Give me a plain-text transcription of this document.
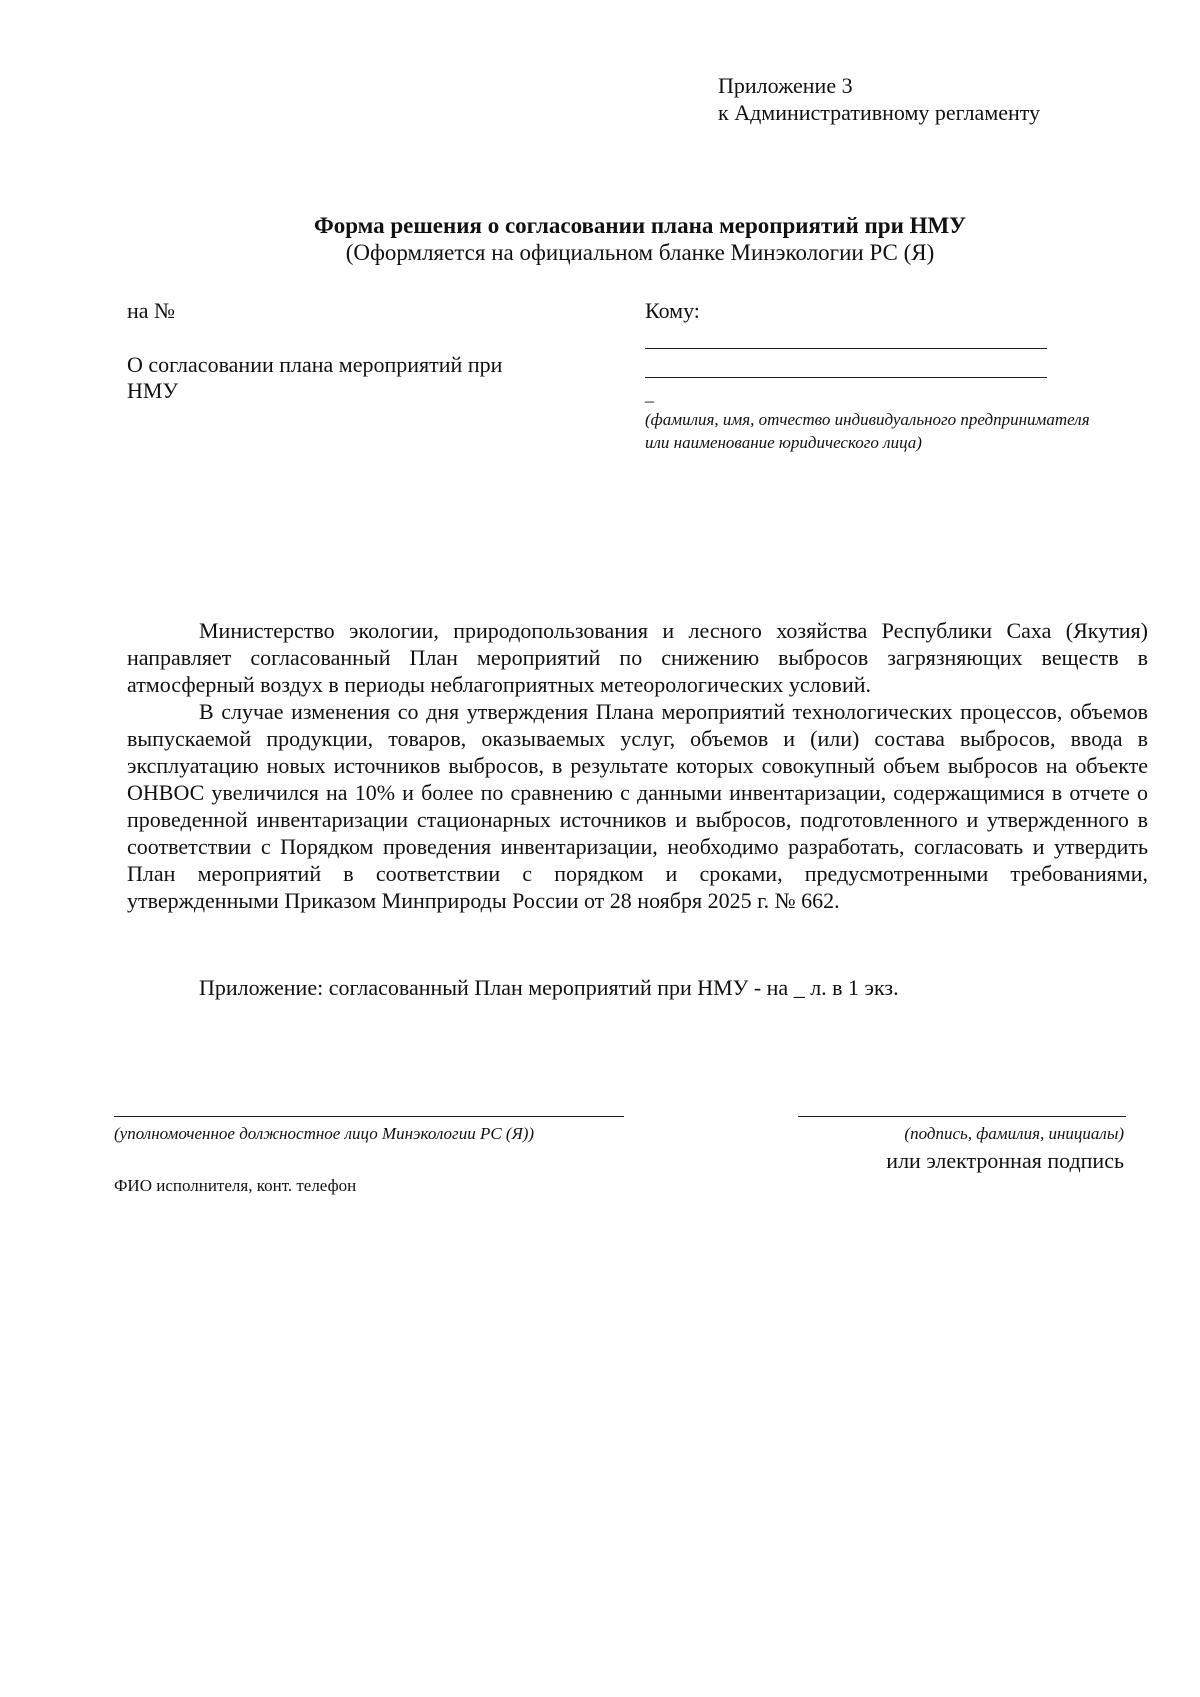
Приложение 3
к Административному регламенту
Форма решения о согласовании плана мероприятий при НМУ
(Оформляется на официальном бланке Минэкологии РС (Я)
на №
О согласовании плана мероприятий при
НМУ
Кому:
_
(фамилия, имя, отчество индивидуального предпринимателя или наименование юридического лица)

Министерство экологии, природопользования и лесного хозяйства Республики Саха (Якутия) направляет согласованный План мероприятий по снижению выбросов загрязняющих веществ в атмосферный воздух в периоды неблагоприятных метеорологических условий.

В случае изменения со дня утверждения Плана мероприятий технологических процессов, объемов выпускаемой продукции, товаров, оказываемых услуг, объемов и (или) состава выбросов, ввода в эксплуатацию новых источников выбросов, в результате которых совокупный объем выбросов на объекте ОНВОС увеличился на 10% и более по сравнению с данными инвентаризации, содержащимися в отчете о проведенной инвентаризации стационарных источников и выбросов, подготовленного и утвержденного в соответствии с Порядком проведения инвентаризации, необходимо разработать, согласовать и утвердить План мероприятий в соответствии с порядком и сроками, предусмотренными требованиями, утвержденными Приказом Минприроды России от 28 ноября 2025 г. № 662.

Приложение: согласованный План мероприятий при НМУ - на _ л. в 1 экз.
(уполномоченное должностное лицо Минэкологии РС (Я))	(подпись, фамилия, инициалы)
или электронная подпись
ФИО исполнителя, конт. телефон
